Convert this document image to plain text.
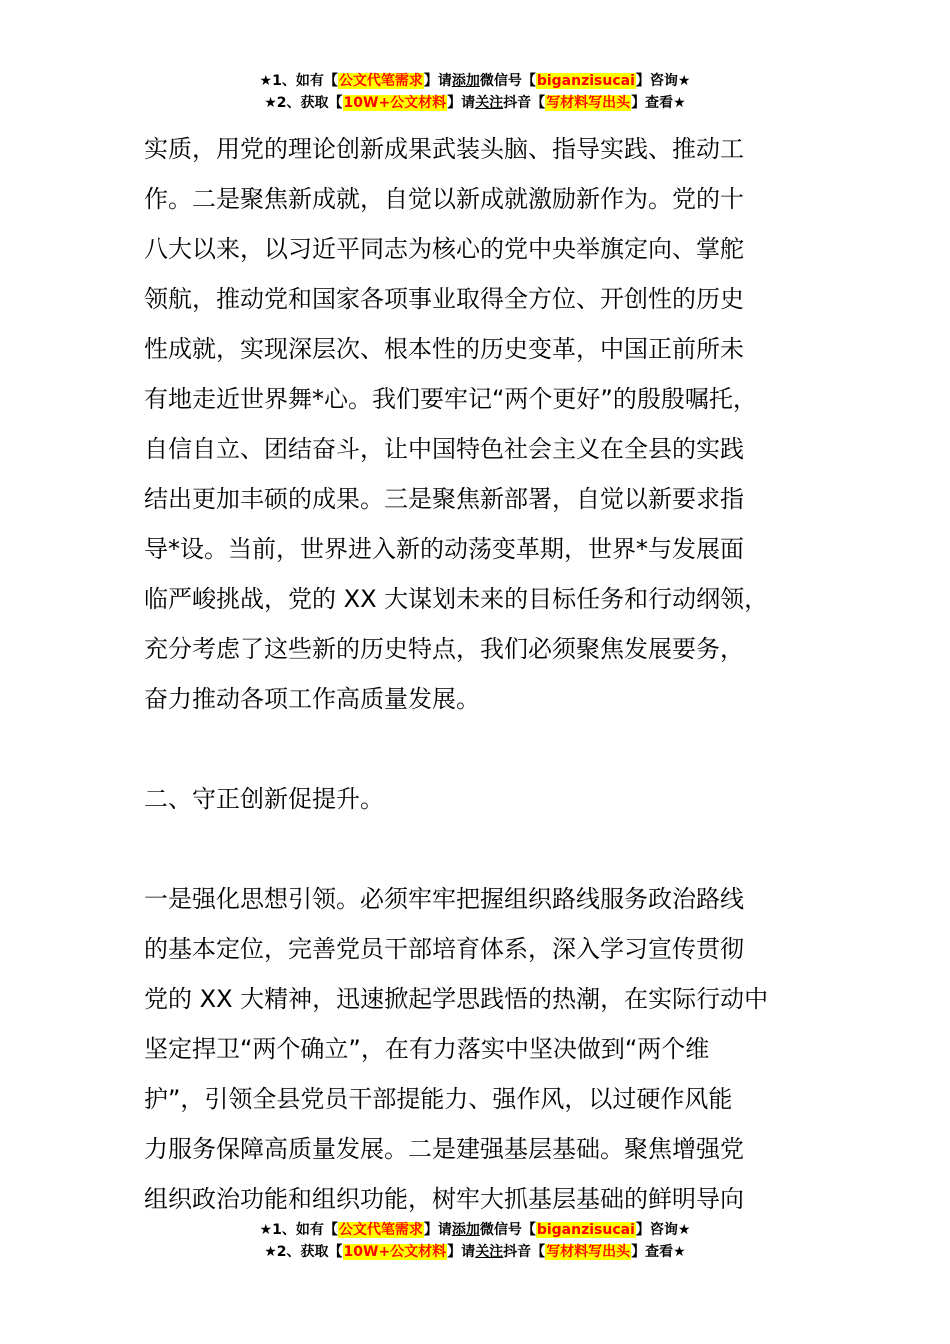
★1、如有【公文代笔需求】请添加微信号【biganzisucai】咨询★
★2、获取【10W+公文材料】请关注抖音【写材料写出头】查看★
实质，用党的理论创新成果武装头脑、指导实践、推动工
作。二是聚焦新成就，自觉以新成就激励新作为。党的十
八大以来，以习近平同志为核心的党中央举旗定向、掌舵
领航，推动党和国家各项事业取得全方位、开创性的历史
性成就，实现深层次、根本性的历史变革，中国正前所未
有地走近世界舞*心。我们要牢记“两个更好”的殷殷嘱托，
自信自立、团结奋斗，让中国特色社会主义在全县的实践
结出更加丰硕的成果。三是聚焦新部署，自觉以新要求指
导*设。当前，世界进入新的动荡变革期，世界*与发展面
临严峻挑战，党的 XX 大谋划未来的目标任务和行动纲领，
充分考虑了这些新的历史特点，我们必须聚焦发展要务，
奋力推动各项工作高质量发展。
二、守正创新促提升。
一是强化思想引领。必须牢牢把握组织路线服务政治路线
的基本定位，完善党员干部培育体系，深入学习宣传贯彻
党的 XX 大精神，迅速掀起学思践悟的热潮，在实际行动中
坚定捍卫“两个确立”，在有力落实中坚决做到“两个维
护”，引领全县党员干部提能力、强作风，以过硬作风能
力服务保障高质量发展。二是建强基层基础。聚焦增强党
组织政治功能和组织功能，树牢大抓基层基础的鲜明导向
★1、如有【公文代笔需求】请添加微信号【biganzisucai】咨询★
★2、获取【10W+公文材料】请关注抖音【写材料写出头】查看★
